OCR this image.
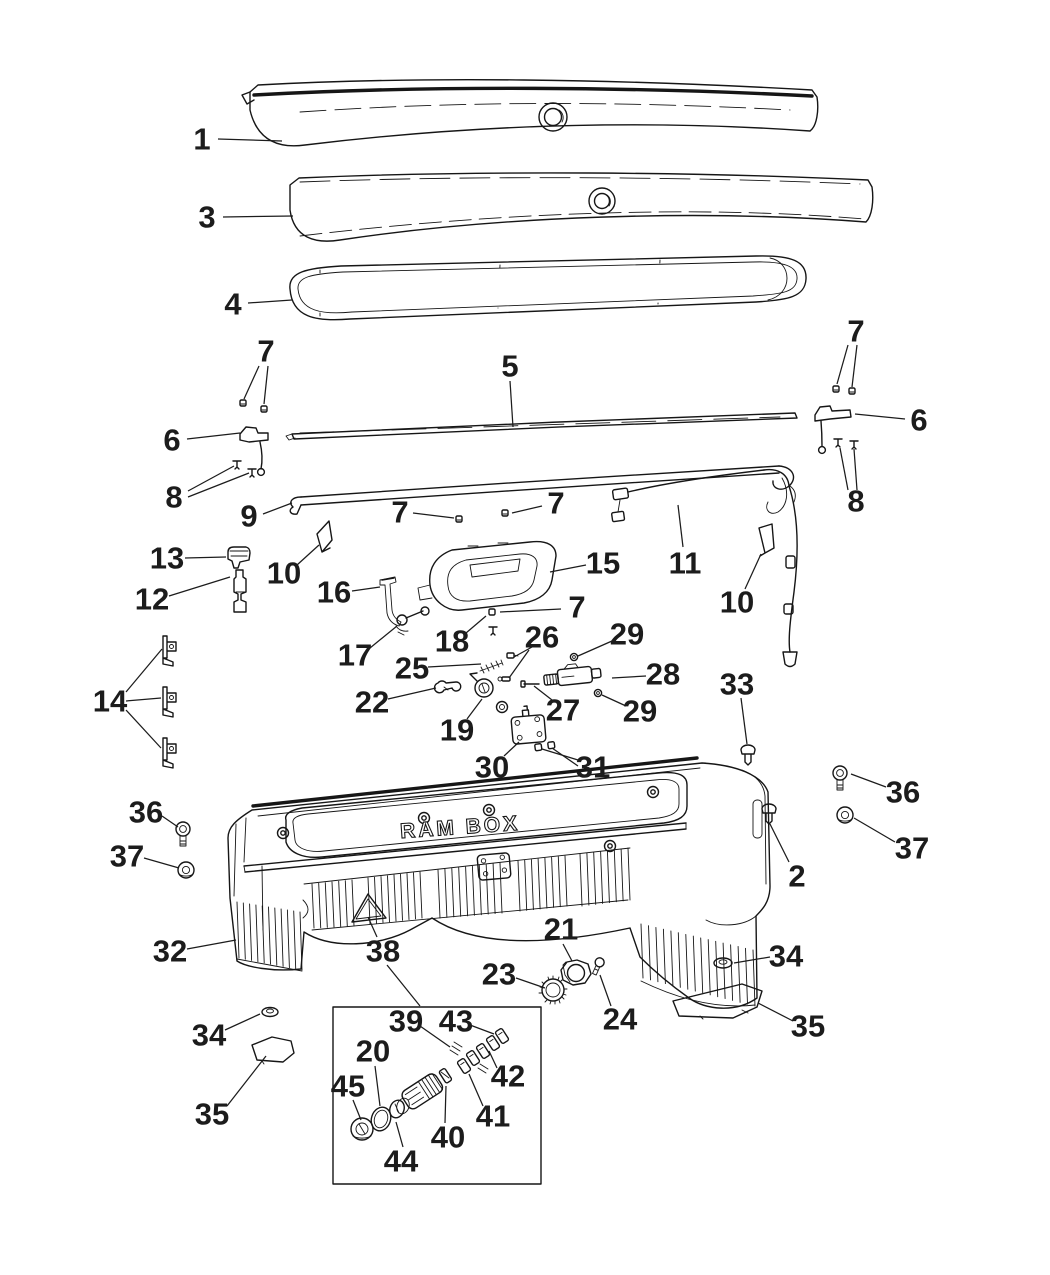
RAM BOX
1
3
4
5
7
6
8
9
7
6
8
13
12
10
16
15
7	7
11
10
17 18
7
25
26 29
22
19
27
28
29
30 31
33
36
37
2
36
37
32	38
34
35
34
35
21
23
24
20
45
44
39 43
42
41
40
14
